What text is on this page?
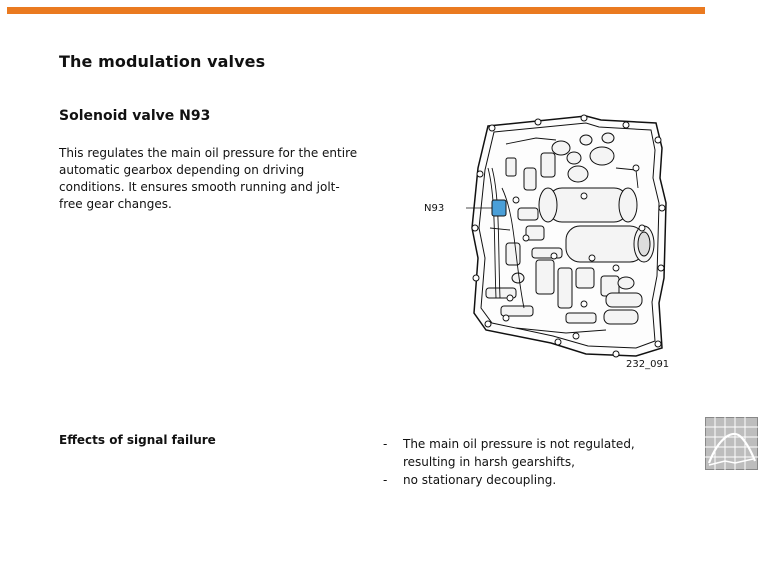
The modulation valves
Solenoid valve N93
This regulates the main oil pressure for the entire
automatic gearbox depending on driving
conditions. It ensures smooth running and jolt-
free gear changes.	N93
232_091
Effects of signal failure	- The main oil pressure is not regulated,
resulting in harsh gearshifts,
- no stationary decoupling.
